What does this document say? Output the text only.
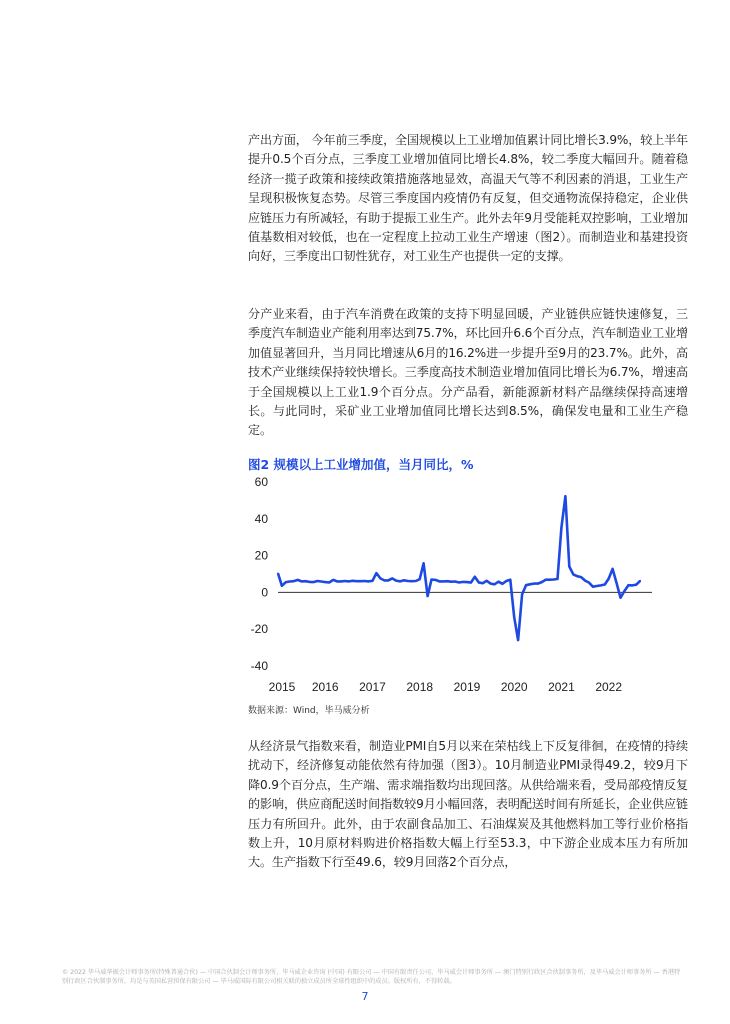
产出方面， 今年前三季度，全国规模以上工业增加值累计同比增长3.9%，较上半年提升0.5个百分点，三季度工业增加值同比增长4.8%，较二季度大幅回升。随着稳经济一揽子政策和接续政策措施落地显效，高温天气等不利因素的消退，工业生产呈现积极恢复态势。尽管三季度国内疫情仍有反复，但交通物流保持稳定，企业供应链压力有所减轻，有助于提振工业生产。此外去年9月受能耗双控影响，工业增加值基数相对较低，也在一定程度上拉动工业生产增速（图2）。而制造业和基建投资向好，三季度出口韧性犹存，对工业生产也提供一定的支撑。

分产业来看，由于汽车消费在政策的支持下明显回暖，产业链供应链快速修复，三季度汽车制造业产能利用率达到75.7%，环比回升6.6个百分点，汽车制造业工业增加值显著回升，当月同比增速从6月的16.2%进一步提升至9月的23.7%。此外，高技术产业继续保持较快增长。三季度高技术制造业增加值同比增长为6.7%，增速高于全国规模以上工业1.9个百分点。分产品看，新能源新材料产品继续保持高速增长。与此同时，采矿业工业增加值同比增长达到8.5%，确保发电量和工业生产稳定。

图2 规模以上工业增加值，当月同比，%

60
40
20
0
-20
-40
2015 2016 2017 2018 2019 2020 2021 2022
数据来源：Wind，毕马威分析

从经济景气指数来看，制造业PMI自5月以来在荣枯线上下反复徘徊，在疫情的持续扰动下，经济修复动能依然有待加强（图3）。10月制造业PMI录得49.2，较9月下降0.9个百分点，生产端、需求端指数均出现回落。从供给端来看，受局部疫情反复的影响，供应商配送时间指数较9月小幅回落，表明配送时间有所延长，企业供应链压力有所回升。此外，由于农副食品加工、石油煤炭及其他燃料加工等行业价格指数上升，10月原材料购进价格指数大幅上行至53.3，中下游企业成本压力有所加大。生产指数下行至49.6，较9月回落2个百分点，

© 2022 毕马威华振会计师事务所(特殊普通合伙) — 中国合伙制会计师事务所，毕马威企业咨询 (中国) 有限公司 — 中国有限责任公司，毕马威会计师事务所 — 澳门特别行政区合伙制事务所，及毕马威会计师事务所 — 香港特别行政区合伙制事务所，均是与英国私营担保有限公司 — 毕马威国际有限公司相关联的独立成员所全球性组织中的成员。版权所有，不得转载。
7
